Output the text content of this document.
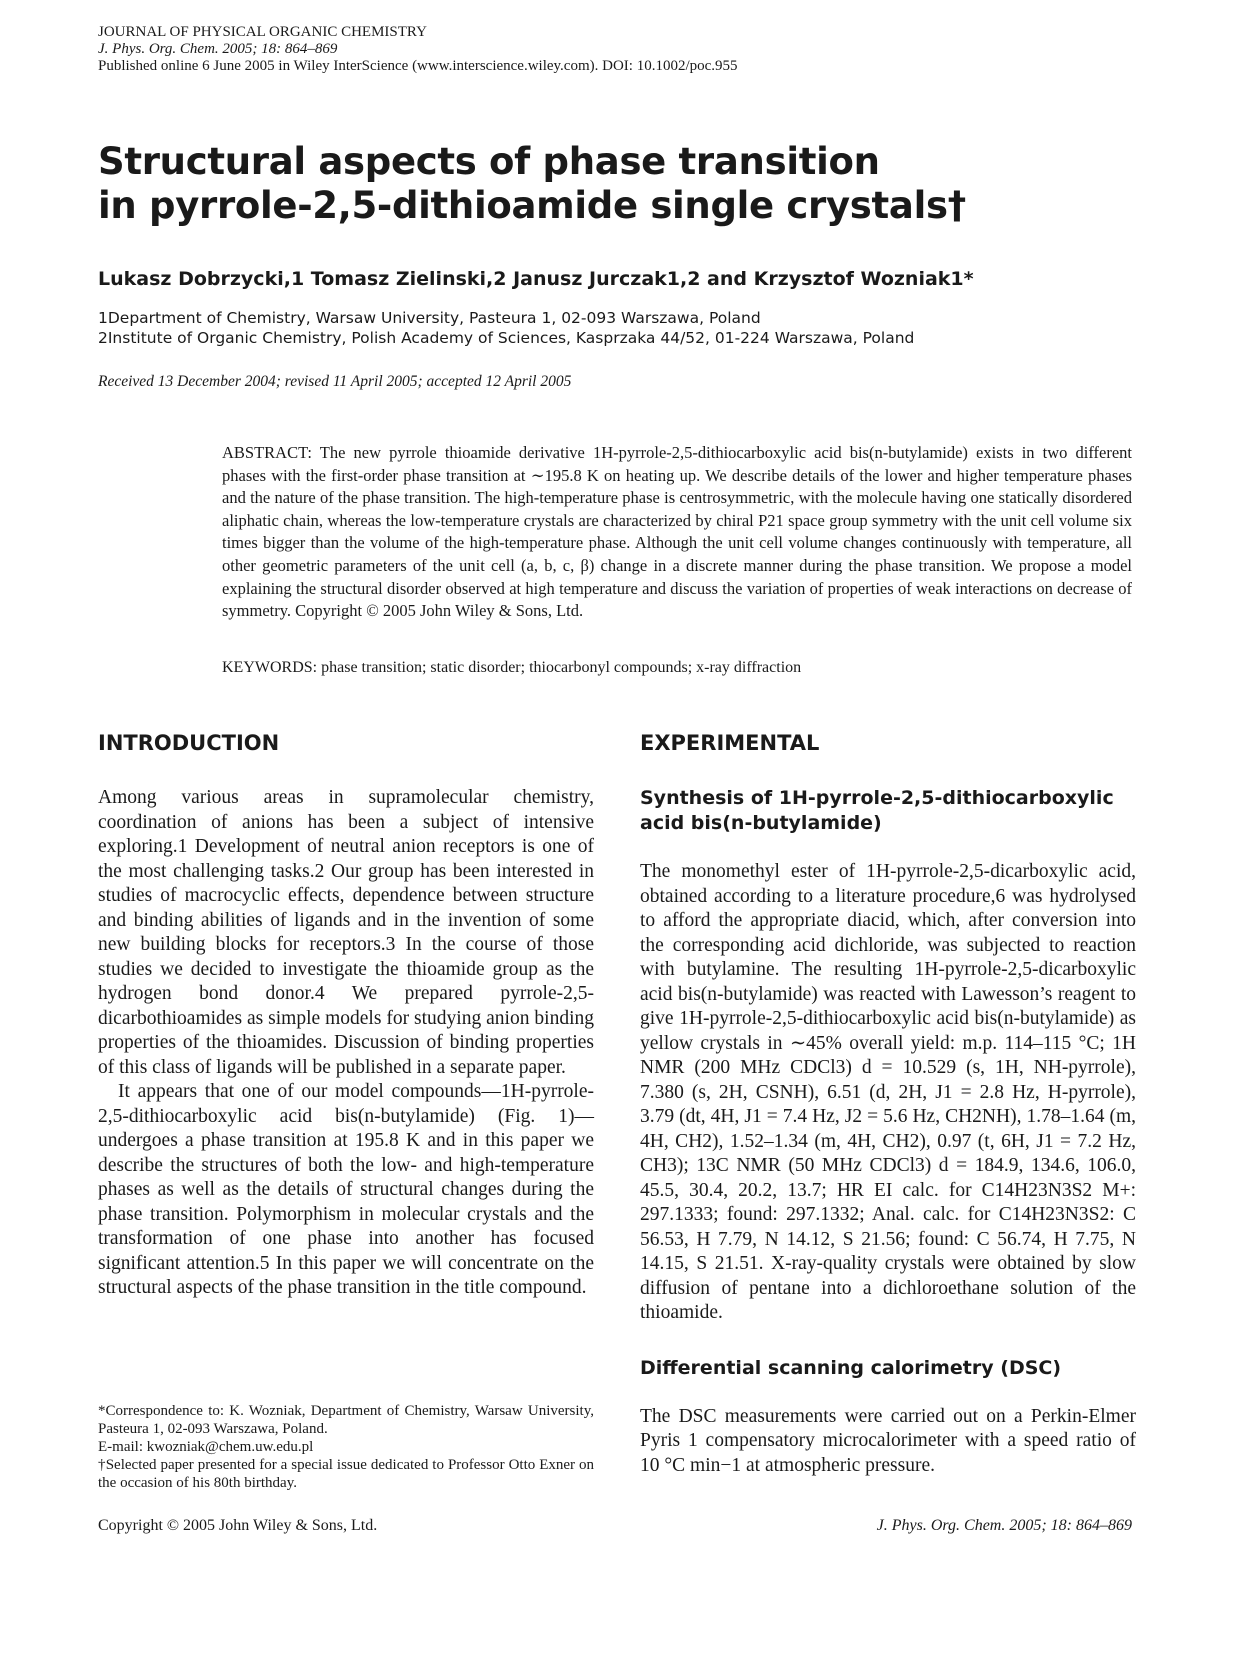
JOURNAL OF PHYSICAL ORGANIC CHEMISTRY
J. Phys. Org. Chem. 2005; 18: 864–869
Published online 6 June 2005 in Wiley InterScience (www.interscience.wiley.com). DOI: 10.1002/poc.955
Structural aspects of phase transition
in pyrrole-2,5-dithioamide single crystals†
Lukasz Dobrzycki,1 Tomasz Zielinski,2 Janusz Jurczak1,2 and Krzysztof Wozniak1*
1Department of Chemistry, Warsaw University, Pasteura 1, 02-093 Warszawa, Poland
2Institute of Organic Chemistry, Polish Academy of Sciences, Kasprzaka 44/52, 01-224 Warszawa, Poland
Received 13 December 2004; revised 11 April 2005; accepted 12 April 2005
ABSTRACT: The new pyrrole thioamide derivative 1H-pyrrole-2,5-dithiocarboxylic acid bis(n-butylamide) exists in two different phases with the first-order phase transition at ∼195.8 K on heating up. We describe details of the lower and higher temperature phases and the nature of the phase transition. The high-temperature phase is centrosymmetric, with the molecule having one statically disordered aliphatic chain, whereas the low-temperature crystals are characterized by chiral P21 space group symmetry with the unit cell volume six times bigger than the volume of the high-temperature phase. Although the unit cell volume changes continuously with temperature, all other geometric parameters of the unit cell (a, b, c, β) change in a discrete manner during the phase transition. We propose a model explaining the structural disorder observed at high temperature and discuss the variation of properties of weak interactions on decrease of symmetry. Copyright © 2005 John Wiley & Sons, Ltd.
KEYWORDS: phase transition; static disorder; thiocarbonyl compounds; x-ray diffraction
INTRODUCTION

Among various areas in supramolecular chemistry, coordination of anions has been a subject of intensive exploring.1 Development of neutral anion receptors is one of the most challenging tasks.2 Our group has been interested in studies of macrocyclic effects, dependence between structure and binding abilities of ligands and in the invention of some new building blocks for receptors.3 In the course of those studies we decided to investigate the thioamide group as the hydrogen bond donor.4 We prepared pyrrole-2,5-dicarbothioamides as simple models for studying anion binding properties of the thioamides. Discussion of binding properties of this class of ligands will be published in a separate paper.

It appears that one of our model compounds—1H-pyrrole-2,5-dithiocarboxylic acid bis(n-butylamide) (Fig. 1)—undergoes a phase transition at 195.8 K and in this paper we describe the structures of both the low- and high-temperature phases as well as the details of structural changes during the phase transition. Polymorphism in molecular crystals and the transformation of one phase into another has focused significant attention.5 In this paper we will concentrate on the structural aspects of the phase transition in the title compound.

EXPERIMENTAL
Synthesis of 1H-pyrrole-2,5-dithiocarboxylic acid bis(n-butylamide)

The monomethyl ester of 1H-pyrrole-2,5-dicarboxylic acid, obtained according to a literature procedure,6 was hydrolysed to afford the appropriate diacid, which, after conversion into the corresponding acid dichloride, was subjected to reaction with butylamine. The resulting 1H-pyrrole-2,5-dicarboxylic acid bis(n-butylamide) was reacted with Lawesson’s reagent to give 1H-pyrrole-2,5-dithiocarboxylic acid bis(n-butylamide) as yellow crystals in ∼45% overall yield: m.p. 114–115 °C; 1H NMR (200 MHz CDCl3) d = 10.529 (s, 1H, NH-pyrrole), 7.380 (s, 2H, CSNH), 6.51 (d, 2H, J1 = 2.8 Hz, H-pyrrole), 3.79 (dt, 4H, J1 = 7.4 Hz, J2 = 5.6 Hz, CH2NH), 1.78–1.64 (m, 4H, CH2), 1.52–1.34 (m, 4H, CH2), 0.97 (t, 6H, J1 = 7.2 Hz, CH3); 13C NMR (50 MHz CDCl3) d = 184.9, 134.6, 106.0, 45.5, 30.4, 20.2, 13.7; HR EI calc. for C14H23N3S2 M+: 297.1333; found: 297.1332; Anal. calc. for C14H23N3S2: C 56.53, H 7.79, N 14.12, S 21.56; found: C 56.74, H 7.75, N 14.15, S 21.51. X-ray-quality crystals were obtained by slow diffusion of pentane into a dichloroethane solution of the thioamide.

Differential scanning calorimetry (DSC)

The DSC measurements were carried out on a Perkin-Elmer Pyris 1 compensatory microcalorimeter with a speed ratio of 10 °C min−1 at atmospheric pressure.

*Correspondence to: K. Wozniak, Department of Chemistry, Warsaw University, Pasteura 1, 02-093 Warszawa, Poland.

E-mail: kwozniak@chem.uw.edu.pl

†Selected paper presented for a special issue dedicated to Professor Otto Exner on the occasion of his 80th birthday.

Copyright © 2005 John Wiley & Sons, Ltd.	J. Phys. Org. Chem. 2005; 18: 864–869
